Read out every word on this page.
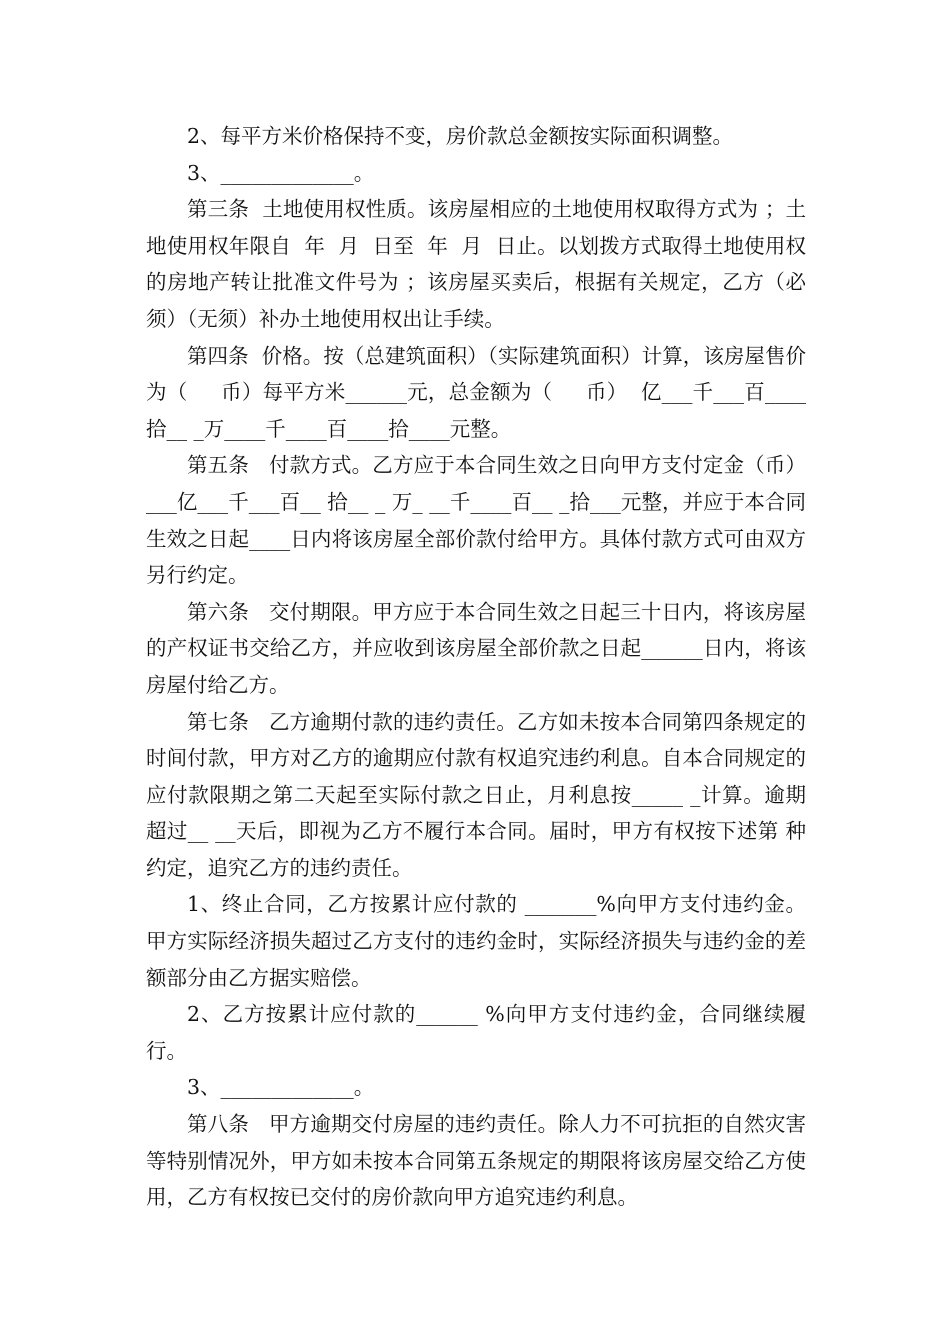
2、每平方米价格保持不变，房价款总金额按实际面积调整。

3、_____________。

第三条  土地使用权性质。该房屋相应的土地使用权取得方式为 ；土地使用权年限自  年  月  日至  年  月  日止。以划拨方式取得土地使用权的房地产转让批准文件号为 ；该房屋买卖后，根据有关规定，乙方（必须）（无须）补办土地使用权出让手续。

第四条  价格。按（总建筑面积）（实际建筑面积）计算，该房屋售价为（     币）每平方米______元，总金额为（     币）  亿___千___百____拾__ _万____千____百____拾____元整。

第五条   付款方式。乙方应于本合同生效之日向甲方支付定金（币）___亿___千___百__ 拾__ _ 万_ __千____百__ _拾___元整，并应于本合同生效之日起____日内将该房屋全部价款付给甲方。具体付款方式可由双方另行约定。

第六条   交付期限。甲方应于本合同生效之日起三十日内，将该房屋的产权证书交给乙方，并应收到该房屋全部价款之日起______日内，将该房屋付给乙方。

第七条   乙方逾期付款的违约责任。乙方如未按本合同第四条规定的时间付款，甲方对乙方的逾期应付款有权追究违约利息。自本合同规定的应付款限期之第二天起至实际付款之日止，月利息按_____ _计算。逾期超过__ __天后，即视为乙方不履行本合同。届时，甲方有权按下述第 种约定，追究乙方的违约责任。

1、终止合同，乙方按累计应付款的 _______%向甲方支付违约金。甲方实际经济损失超过乙方支付的违约金时，实际经济损失与违约金的差额部分由乙方据实赔偿。

2、乙方按累计应付款的______ %向甲方支付违约金，合同继续履行。

3、_____________。

第八条   甲方逾期交付房屋的违约责任。除人力不可抗拒的自然灾害等特别情况外，甲方如未按本合同第五条规定的期限将该房屋交给乙方使用，乙方有权按已交付的房价款向甲方追究违约利息。
